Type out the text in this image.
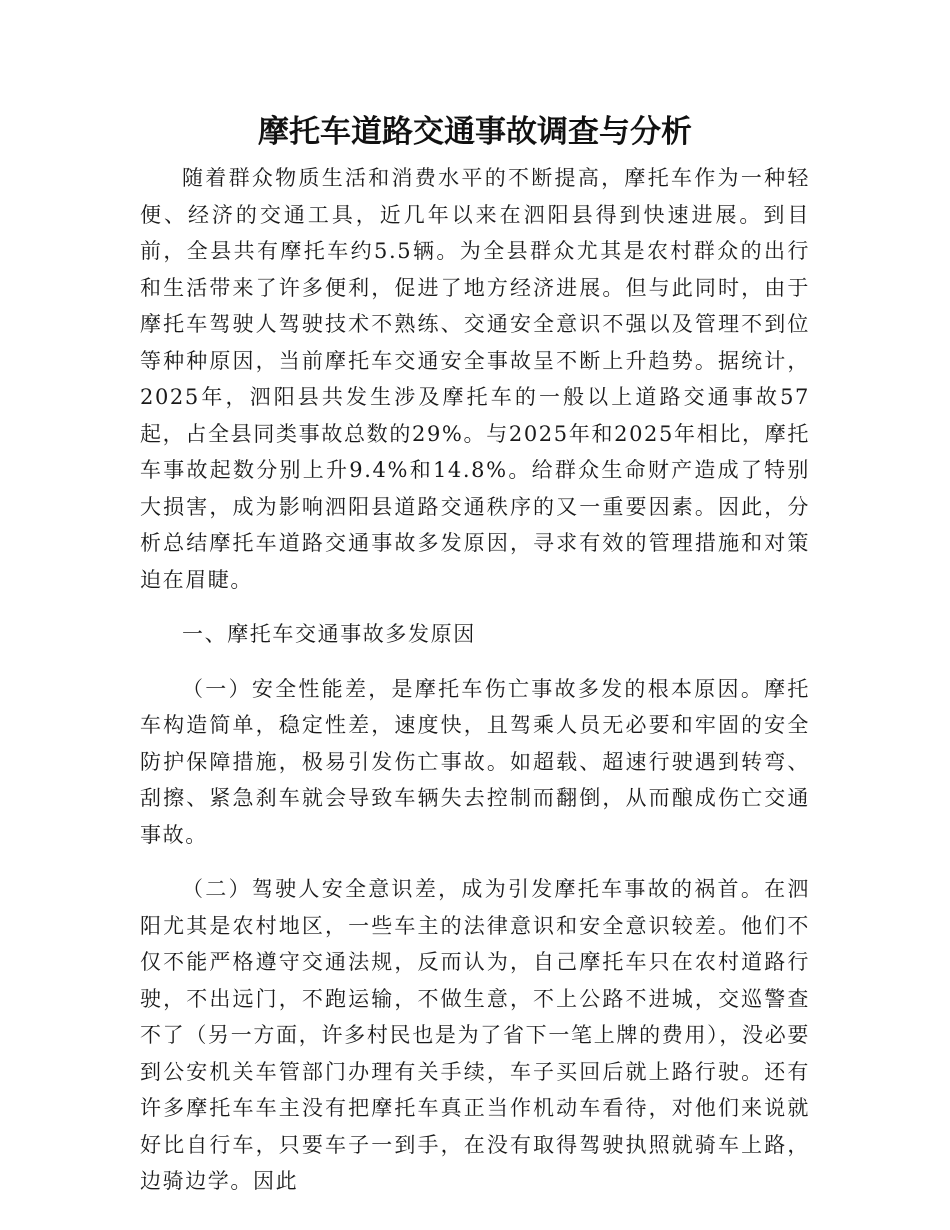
摩托车道路交通事故调查与分析

随着群众物质生活和消费水平的不断提高，摩托车作为一种轻便、经济的交通工具，近几年以来在泗阳县得到快速进展。到目前，全县共有摩托车约5.5辆。为全县群众尤其是农村群众的出行和生活带来了许多便利，促进了地方经济进展。但与此同时，由于摩托车驾驶人驾驶技术不熟练、交通安全意识不强以及管理不到位等种种原因，当前摩托车交通安全事故呈不断上升趋势。据统计，2025年，泗阳县共发生涉及摩托车的一般以上道路交通事故57起，占全县同类事故总数的29%。与2025年和2025年相比，摩托车事故起数分别上升9.4%和14.8%。给群众生命财产造成了特别大损害，成为影响泗阳县道路交通秩序的又一重要因素。因此，分析总结摩托车道路交通事故多发原因，寻求有效的管理措施和对策迫在眉睫。

一、摩托车交通事故多发原因

（一）安全性能差，是摩托车伤亡事故多发的根本原因。摩托车构造简单，稳定性差，速度快，且驾乘人员无必要和牢固的安全防护保障措施，极易引发伤亡事故。如超载、超速行驶遇到转弯、刮擦、紧急刹车就会导致车辆失去控制而翻倒，从而酿成伤亡交通事故。

（二）驾驶人安全意识差，成为引发摩托车事故的祸首。在泗阳尤其是农村地区，一些车主的法律意识和安全意识较差。他们不仅不能严格遵守交通法规，反而认为，自己摩托车只在农村道路行驶，不出远门，不跑运输，不做生意，不上公路不进城，交巡警查不了（另一方面，许多村民也是为了省下一笔上牌的费用），没必要到公安机关车管部门办理有关手续，车子买回后就上路行驶。还有许多摩托车车主没有把摩托车真正当作机动车看待，对他们来说就好比自行车，只要车子一到手，在没有取得驾驶执照就骑车上路，边骑边学。因此
